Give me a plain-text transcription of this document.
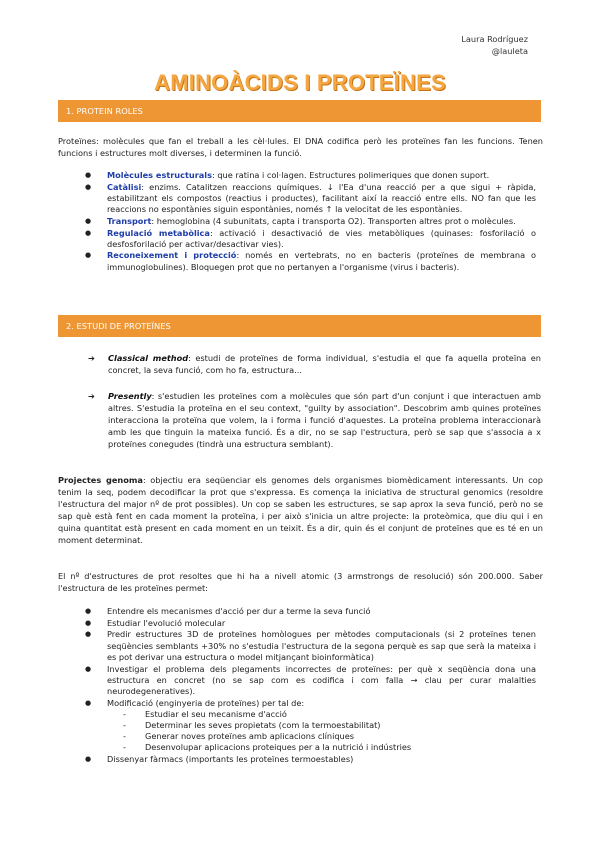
Laura Rodríguez
@lauleta
AMINOÀCIDS I PROTEÏNES
1. PROTEIN ROLES
Proteïnes: molècules que fan el treball a les cèl·lules. El DNA codifica però les proteïnes fan les funcions. Tenen funcions i estructures molt diverses, i determinen la funció.
● Molècules estructurals: que ratina i col·lagen. Estructures polimeriques que donen suport.
● Catàlisi: enzims. Catalitzen reaccions químiques. ↓ l'Ea d'una reacció per a que sigui + ràpida, estabilitzant els compostos (reactius i productes), facilitant així la reacció entre ells. NO fan que les reaccions no espontànies siguin espontànies, només ↑ la velocitat de les espontànies.
● Transport: hemoglobina (4 subunitats, capta i transporta O2). Transporten altres prot o molècules.
● Regulació metabòlica: activació i desactivació de vies metabòliques (quinases: fosforilació o desfosforilació per activar/desactivar vies).
● Reconeixement i protecció: només en vertebrats, no en bacteris (proteïnes de membrana o immunoglobulines). Bloquegen prot que no pertanyen a l'organisme (virus i bacteris).
2. ESTUDI DE PROTEÏNES
➔ Classical method: estudi de proteïnes de forma individual, s'estudia el que fa aquella proteïna en concret, la seva funció, com ho fa, estructura...
➔ Presently: s'estudien les proteïnes com a molècules que són part d'un conjunt i que interactuen amb altres. S'estudia la proteïna en el seu context, "guilty by association". Descobrim amb quines proteïnes interacciona la proteïna que volem, la i forma i funció d'aquestes. La proteïna problema interaccionarà amb les que tinguin la mateixa funció. És a dir, no se sap l'estructura, però se sap que s'associa a x proteïnes conegudes (tindrà una estructura semblant).
Projectes genoma: objectiu era seqüenciar els genomes dels organismes biomèdicament interessants. Un cop tenim la seq, podem decodificar la prot que s'expressa. Es comença la iniciativa de structural genomics (resoldre l'estructura del major nº de prot possibles). Un cop se saben les estructures, se sap aprox la seva funció, però no se sap què està fent en cada moment la proteïna, i per això s'inicia un altre projecte: la proteòmica, que diu qui i en quina quantitat està present en cada moment en un teixit. És a dir, quin és el conjunt de proteïnes que es té en un moment determinat.
El nº d'estructures de prot resoltes que hi ha a nivell atomic (3 armstrongs de resolució) són 200.000. Saber l'estructura de les proteïnes permet:
● Entendre els mecanismes d'acció per dur a terme la seva funció
● Estudiar l'evolució molecular
● Predir estructures 3D de proteïnes homòlogues per mètodes computacionals (si 2 proteïnes tenen seqüències semblants +30% no s'estudia l'estructura de la segona perquè es sap que serà la mateixa i es pot derivar una estructura o model mitjançant bioinformàtica)
● Investigar el problema dels plegaments incorrectes de proteïnes: per què x seqüència dona una estructura en concret (no se sap com es codifica i com falla → clau per curar malalties neurodegeneratives).
● Modificació (enginyeria de proteïnes) per tal de:
- Estudiar el seu mecanisme d'acció
- Determinar les seves propietats (com la termoestabilitat)
- Generar noves proteïnes amb aplicacions clíniques
- Desenvolupar aplicacions proteiques per a la nutrició i indústries
● Dissenyar fàrmacs (importants les proteïnes termoestables)
